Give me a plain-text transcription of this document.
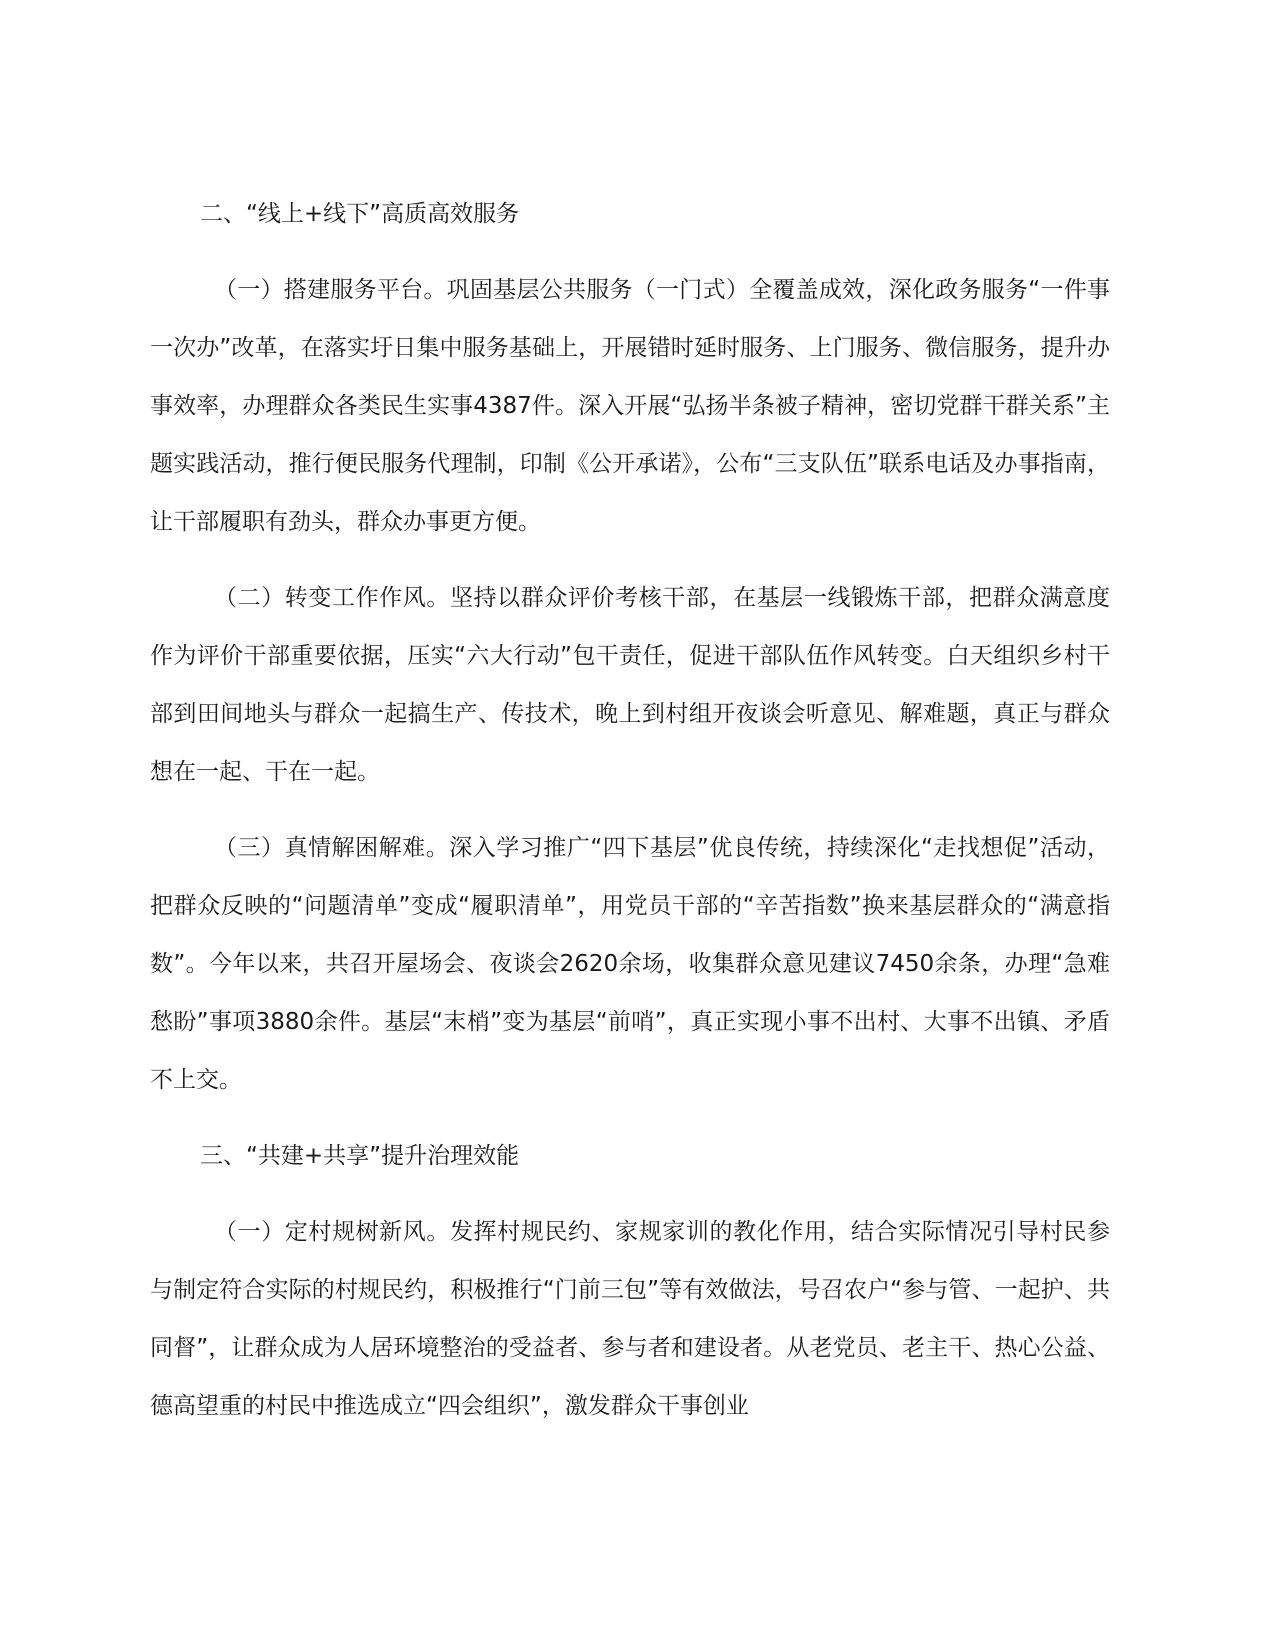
二、“线上+线下”高质高效服务

（一）搭建服务平台。巩固基层公共服务（一门式）全覆盖成效，深化政务服务“一件事一次办”改革，在落实圩日集中服务基础上，开展错时延时服务、上门服务、微信服务，提升办事效率，办理群众各类民生实事4387件。深入开展“弘扬半条被子精神，密切党群干群关系”主题实践活动，推行便民服务代理制，印制《公开承诺》，公布“三支队伍”联系电话及办事指南，让干部履职有劲头，群众办事更方便。

（二）转变工作作风。坚持以群众评价考核干部，在基层一线锻炼干部，把群众满意度作为评价干部重要依据，压实“六大行动”包干责任，促进干部队伍作风转变。白天组织乡村干部到田间地头与群众一起搞生产、传技术，晚上到村组开夜谈会听意见、解难题，真正与群众想在一起、干在一起。

（三）真情解困解难。深入学习推广“四下基层”优良传统，持续深化“走找想促”活动，把群众反映的“问题清单”变成“履职清单”，用党员干部的“辛苦指数”换来基层群众的“满意指数”。今年以来，共召开屋场会、夜谈会2620余场，收集群众意见建议7450余条，办理“急难愁盼”事项3880余件。基层“末梢”变为基层“前哨”，真正实现小事不出村、大事不出镇、矛盾不上交。

三、“共建+共享”提升治理效能

（一）定村规树新风。发挥村规民约、家规家训的教化作用，结合实际情况引导村民参与制定符合实际的村规民约，积极推行“门前三包”等有效做法，号召农户“参与管、一起护、共同督”，让群众成为人居环境整治的受益者、参与者和建设者。从老党员、老主干、热心公益、德高望重的村民中推选成立“四会组织”，激发群众干事创业
